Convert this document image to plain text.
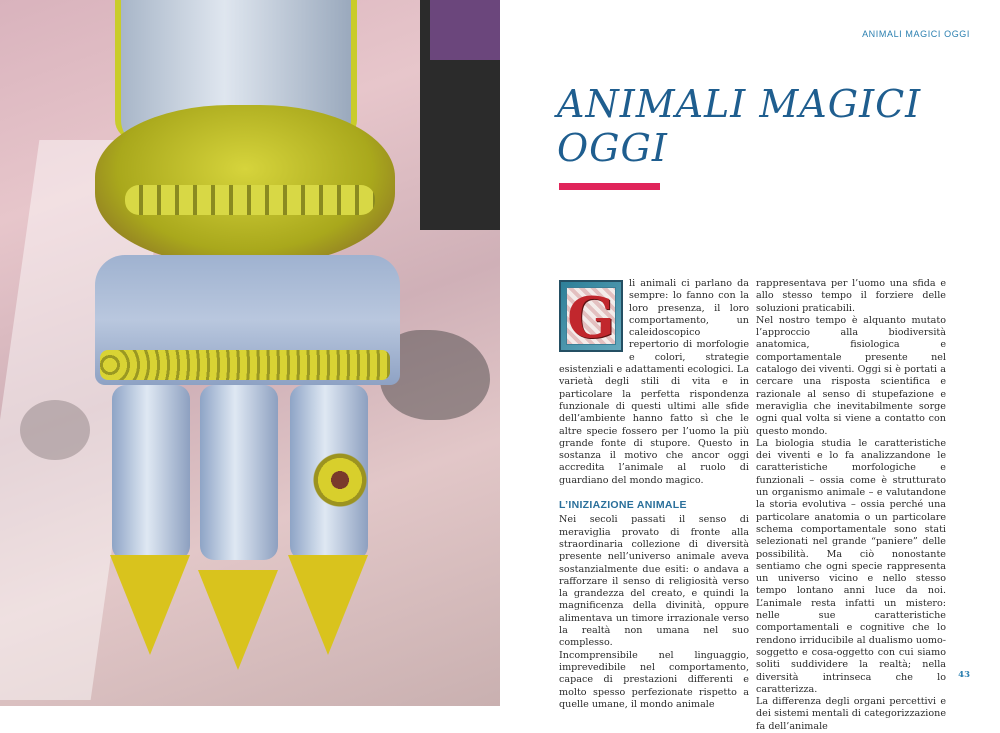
ANIMALI MAGICI OGGI
ANIMALI MAGICI OGGI
G

li animali ci parlano da sempre: lo fanno con la loro presenza, il loro comportamento, un caleidoscopico repertorio di morfologie e colori, strategie esistenziali e adattamenti ecologici. La varietà degli stili di vita e in particolare la perfetta rispondenza funzionale di questi ultimi alle sfide dell’ambiente hanno fatto sì che le altre specie fossero per l’uomo la più grande fonte di stupore. Questo in sostanza il motivo che ancor oggi accredita l’animale al ruolo di guardiano del mondo magico.

L’INIZIAZIONE ANIMALE

Nei secoli passati il senso di meraviglia provato di fronte alla straordinaria collezione di diversità presente nell’universo animale aveva sostanzialmente due esiti: o andava a rafforzare il senso di religiosità verso la grandezza del creato, e quindi la magnificenza della divinità, oppure alimentava un timore irrazionale verso la realtà non umana nel suo complesso.

Incomprensibile nel linguaggio, imprevedibile nel comportamento, capace di prestazioni differenti e molto spesso perfezionate rispetto a quelle umane, il mondo animale

rappresentava per l’uomo una sfida e allo stesso tempo il forziere delle soluzioni praticabili.

Nel nostro tempo è alquanto mutato l’approccio alla biodiversità anatomica, fisiologica e comportamentale presente nel catalogo dei viventi. Oggi si è portati a cercare una risposta scientifica e razionale al senso di stupefazione e meraviglia che inevitabilmente sorge ogni qual volta si viene a contatto con questo mondo.

La biologia studia le caratteristiche dei viventi e lo fa analizzandone le caratteristiche morfologiche e funzionali – ossia come è strutturato un organismo animale – e valutandone la storia evolutiva – ossia perché una particolare anatomia o un particolare schema comportamentale sono stati selezionati nel grande “paniere” delle possibilità. Ma ciò nonostante sentiamo che ogni specie rappresenta un universo vicino e nello stesso tempo lontano anni luce da noi. L’animale resta infatti un mistero: nelle sue caratteristiche comportamentali e cognitive che lo rendono irriducibile al dualismo uomo-soggetto e cosa-oggetto con cui siamo soliti suddividere la realtà; nella diversità intrinseca che lo caratterizza.

La differenza degli organi percettivi e dei sistemi mentali di categorizzazione fa dell’animale

43
